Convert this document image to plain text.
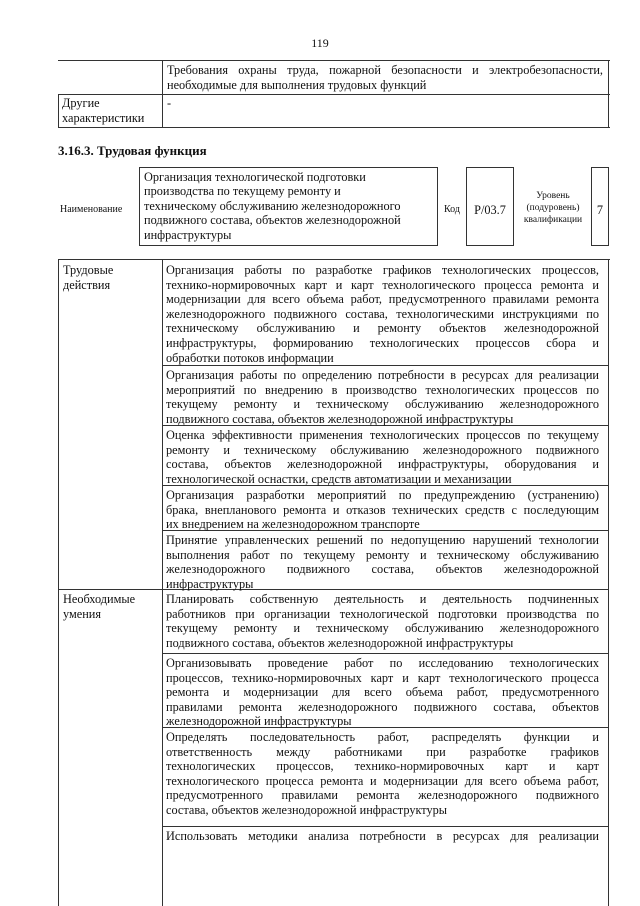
119
Требования охраны труда, пожарной безопасности и электробезопасности,
необходимые для выполнения трудовых функций
Другие
характеристики
-
3.16.3. Трудовая функция
Наименование
Организация технологической подготовки
производства по текущему ремонту и
техническому обслуживанию железнодорожного
подвижного состава, объектов железнодорожной
инфраструктуры
Код	Р/03.7
Уровень
(подуровень)
квалификации
7
Трудовые
действия
Необходимые
умения
Организация работы по разработке графиков технологических процессов,
технико-нормировочных карт и карт технологического процесса ремонта и
модернизации для всего объема работ, предусмотренного правилами ремонта
железнодорожного подвижного состава, технологическими инструкциями по
техническому обслуживанию и ремонту объектов железнодорожной
инфраструктуры, формированию технологических процессов сбора и
обработки потоков информации
Организация работы по определению потребности в ресурсах для реализации
мероприятий по внедрению в производство технологических процессов по
текущему ремонту и техническому обслуживанию железнодорожного
подвижного состава, объектов железнодорожной инфраструктуры
Оценка эффективности применения технологических процессов по текущему
ремонту и техническому обслуживанию железнодорожного подвижного
состава, объектов железнодорожной инфраструктуры, оборудования и
технологической оснастки, средств автоматизации и механизации
Организация разработки мероприятий по предупреждению (устранению)
брака, внепланового ремонта и отказов технических средств с последующим
их внедрением на железнодорожном транспорте
Принятие управленческих решений по недопущению нарушений технологии
выполнения работ по текущему ремонту и техническому обслуживанию
железнодорожного подвижного состава, объектов железнодорожной
инфраструктуры
Планировать собственную деятельность и деятельность подчиненных
работников при организации технологической подготовки производства по
текущему ремонту и техническому обслуживанию железнодорожного
подвижного состава, объектов железнодорожной инфраструктуры
Организовывать проведение работ по исследованию технологических
процессов, технико-нормировочных карт и карт технологического процесса
ремонта и модернизации для всего объема работ, предусмотренного
правилами ремонта железнодорожного подвижного состава, объектов
железнодорожной инфраструктуры
Определять последовательность работ, распределять функции и
ответственность между работниками при разработке графиков
технологических процессов, технико-нормировочных карт и карт
технологического процесса ремонта и модернизации для всего объема работ,
предусмотренного правилами ремонта железнодорожного подвижного
состава, объектов железнодорожной инфраструктуры
Использовать методики анализа потребности в ресурсах для реализации
